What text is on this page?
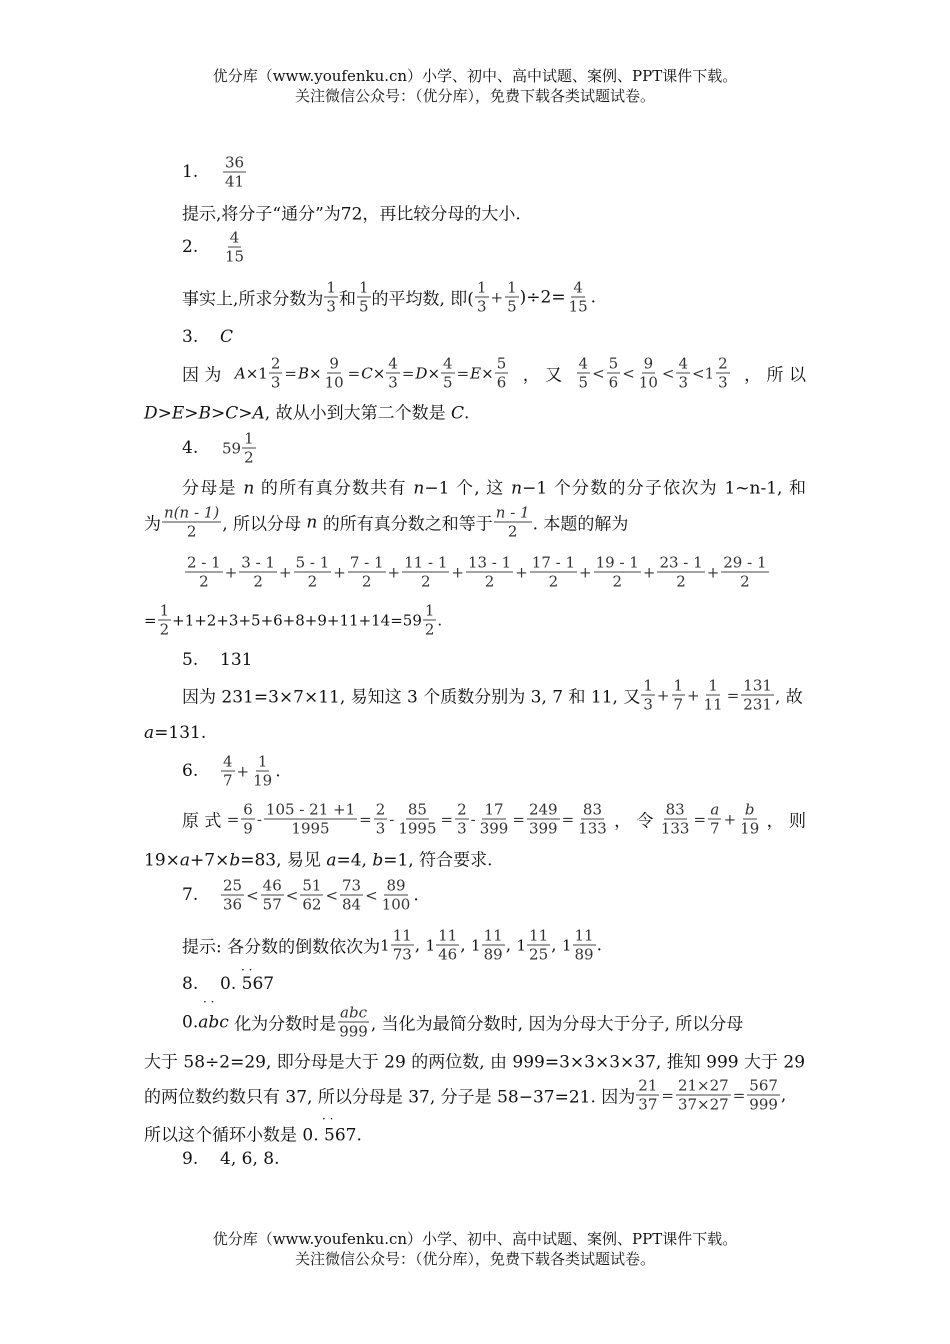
优分库（www.youfenku.cn）小学、初中、高中试题、案例、PPT课件下载。
关注微信公众号：（优分库），免费下载各类试题试卷。
1. 36
41
提示,将分子“通分”为72，再比较分母的大小.
2. 4
15
事实上,所求分数为
1
3 和
1
5 的平均数, 即(
1
3
+ $\frac{1}{5} )\div 2= \frac{4}{15}$ .
3. C
因 为 $A \times 1 \frac{2}{3} = B \times \frac{9}{10} = C \times \frac{4}{3} = D \times \frac{4}{5} = E \times \frac{5}{6}$ ， 又
4
5
<
5
6
<
9
10
<
4
3
<1
2
3 ， 所 以
D>E>B>C>A, 故从小到大第二个数是 C.
4. 59
1
2
分母是 n 的所有真分数共有 n−1 个, 这 n−1 个分数的分子依次为 1~n-1, 和
为
n(n - 1)
2 , 所以分母
n
的所有真分数之和等于
n - 1
2 . 本题的解为
2 - 1
2
+ $\frac{3 - 1}{2} + \frac{5 - 1}{2} + \frac{7 - 1}{2} + \frac{11 - 1}{2} + \frac{13 - 1}{2} + \frac{17 - 1}{2} + \frac{19 - 1}{2} + \frac{23 - 1}{2} + \frac{29 - 1}{2}$
= $\frac{1}{2} +1+2+3+5+6+8+9+11+14=59$
1
2
.
5. 131
因为 231=3×7×11, 易知这 3 个质数分别为 3, 7 和 11, 又
1
3
+ $\frac{1}{7} + \frac{1}{11} = \frac{131}{231}$ , 故
a=131.
6. 4
7
+ $\frac{1}{19}$ .
原 式 = $\frac{6}{9} - \frac{105 - 21 +1}{1995} = \frac{2}{3} - \frac{85}{1995} = \frac{2}{3} - \frac{17}{399} = \frac{249}{399} = \frac{83}{133}$ ， 令 $\frac{83}{133} = \frac{a}{7} + \frac{b}{19}$ ， 则
19×a+7×b=83, 易见 a=4, b=1, 符合要求.
7. 25
36
<
46
57
<
51
62
<
73
84
<
89
100 .
提示: 各分数的倒数依次为 1
11
73 ,
1
11
46 ,
1
11
89 ,
1
11
25 ,
1
11
89 .
8. 0. 567
· ·
· ·
0. abc
化为分数时是
abc
999 , 当化为最简分数时, 因为分母大于分子, 所以分母
大于 58÷2=29, 即分母是大于 29 的两位数, 由 999=3×3×3×37, 推知 999 大于 29
的两位数约数只有 37, 所以分母是 37, 分子是 58−37=21. 因为 $\frac{21}{37} = \frac{21\times 27}{37\times 27} = \frac{567}{999}$ ,
所以这个循环小数是 0. 567.
· ·
9. 4, 6, 8.
优分库（www.youfenku.cn）小学、初中、高中试题、案例、PPT课件下载。
关注微信公众号：（优分库），免费下载各类试题试卷。
